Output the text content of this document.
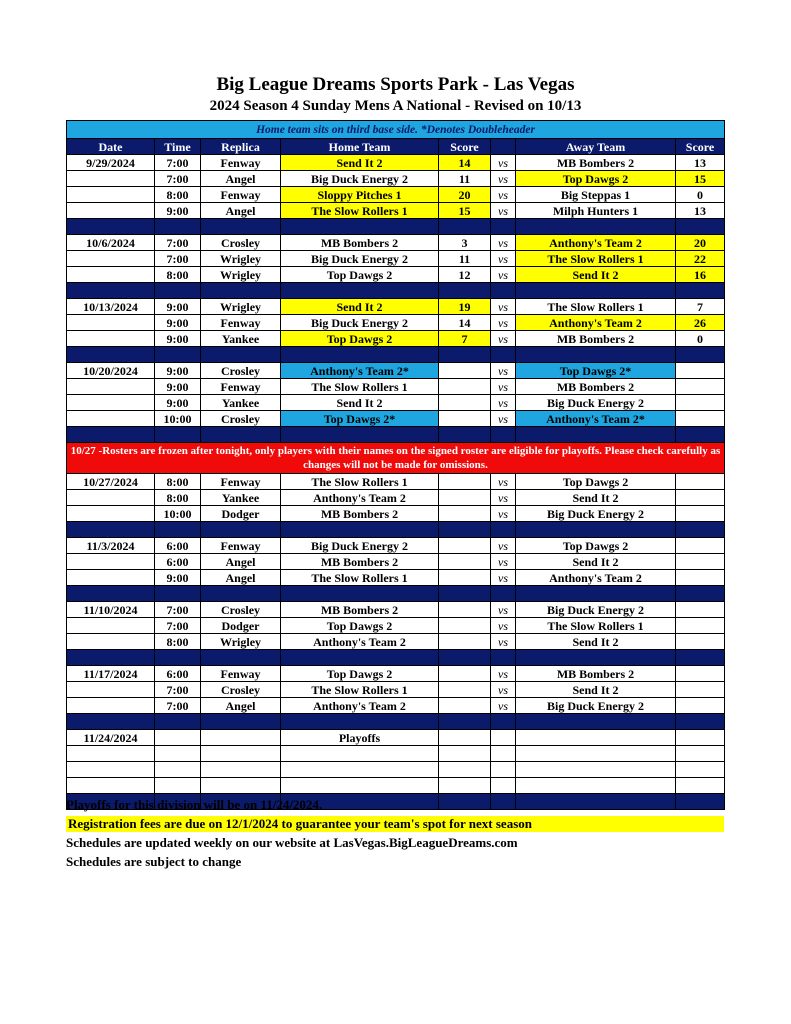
Big League Dreams Sports Park - Las Vegas
2024 Season 4 Sunday Mens A National - Revised on 10/13
Home team sits on third base side. *Denotes Doubleheader							
Date	Time	Replica	Home Team	Score		Away Team	Score
9/29/2024	7:00	Fenway	Send It 2	14	vs	MB Bombers 2	13
	7:00	Angel	Big Duck Energy 2	11	vs	Top Dawgs 2	15
	8:00	Fenway	Sloppy Pitches 1	20	vs	Big Steppas 1	0
	9:00	Angel	The Slow Rollers 1	15	vs	Milph Hunters 1	13

10/6/2024	7:00	Crosley	MB Bombers 2	3	vs	Anthony's Team 2	20
	7:00	Wrigley	Big Duck Energy 2	11	vs	The Slow Rollers 1	22
	8:00	Wrigley	Top Dawgs 2	12	vs	Send It 2	16

10/13/2024	9:00	Wrigley	Send It 2	19	vs	The Slow Rollers 1	7
	9:00	Fenway	Big Duck Energy 2	14	vs	Anthony's Team 2	26
	9:00	Yankee	Top Dawgs 2	7	vs	MB Bombers 2	0

10/20/2024	9:00	Crosley	Anthony's Team 2*		vs	Top Dawgs 2*	
	9:00	Fenway	The Slow Rollers 1		vs	MB Bombers 2	
	9:00	Yankee	Send It 2		vs	Big Duck Energy 2	
	10:00	Crosley	Top Dawgs 2*		vs	Anthony's Team 2*	

10/27 -Rosters are frozen after tonight, only players with their names on the signed roster are eligible for playoffs. Please check carefully as changes will not be made for omissions.							
10/27/2024	8:00	Fenway	The Slow Rollers 1		vs	Top Dawgs 2	
	8:00	Yankee	Anthony's Team 2		vs	Send It 2	
	10:00	Dodger	MB Bombers 2		vs	Big Duck Energy 2	

11/3/2024	6:00	Fenway	Big Duck Energy 2		vs	Top Dawgs 2	
	6:00	Angel	MB Bombers 2		vs	Send It 2	
	9:00	Angel	The Slow Rollers 1		vs	Anthony's Team 2	

11/10/2024	7:00	Crosley	MB Bombers 2		vs	Big Duck Energy 2	
	7:00	Dodger	Top Dawgs 2		vs	The Slow Rollers 1	
	8:00	Wrigley	Anthony's Team 2		vs	Send It 2	

11/17/2024	6:00	Fenway	Top Dawgs 2		vs	MB Bombers 2	
	7:00	Crosley	The Slow Rollers 1		vs	Send It 2	
	7:00	Angel	Anthony's Team 2		vs	Big Duck Energy 2	

11/24/2024			Playoffs				

Playoffs for this division will be on 11/24/2024.
Registration fees are due on 12/1/2024 to guarantee your team's spot for next season
Schedules are updated weekly on our website at LasVegas.BigLeagueDreams.com
Schedules are subject to change
